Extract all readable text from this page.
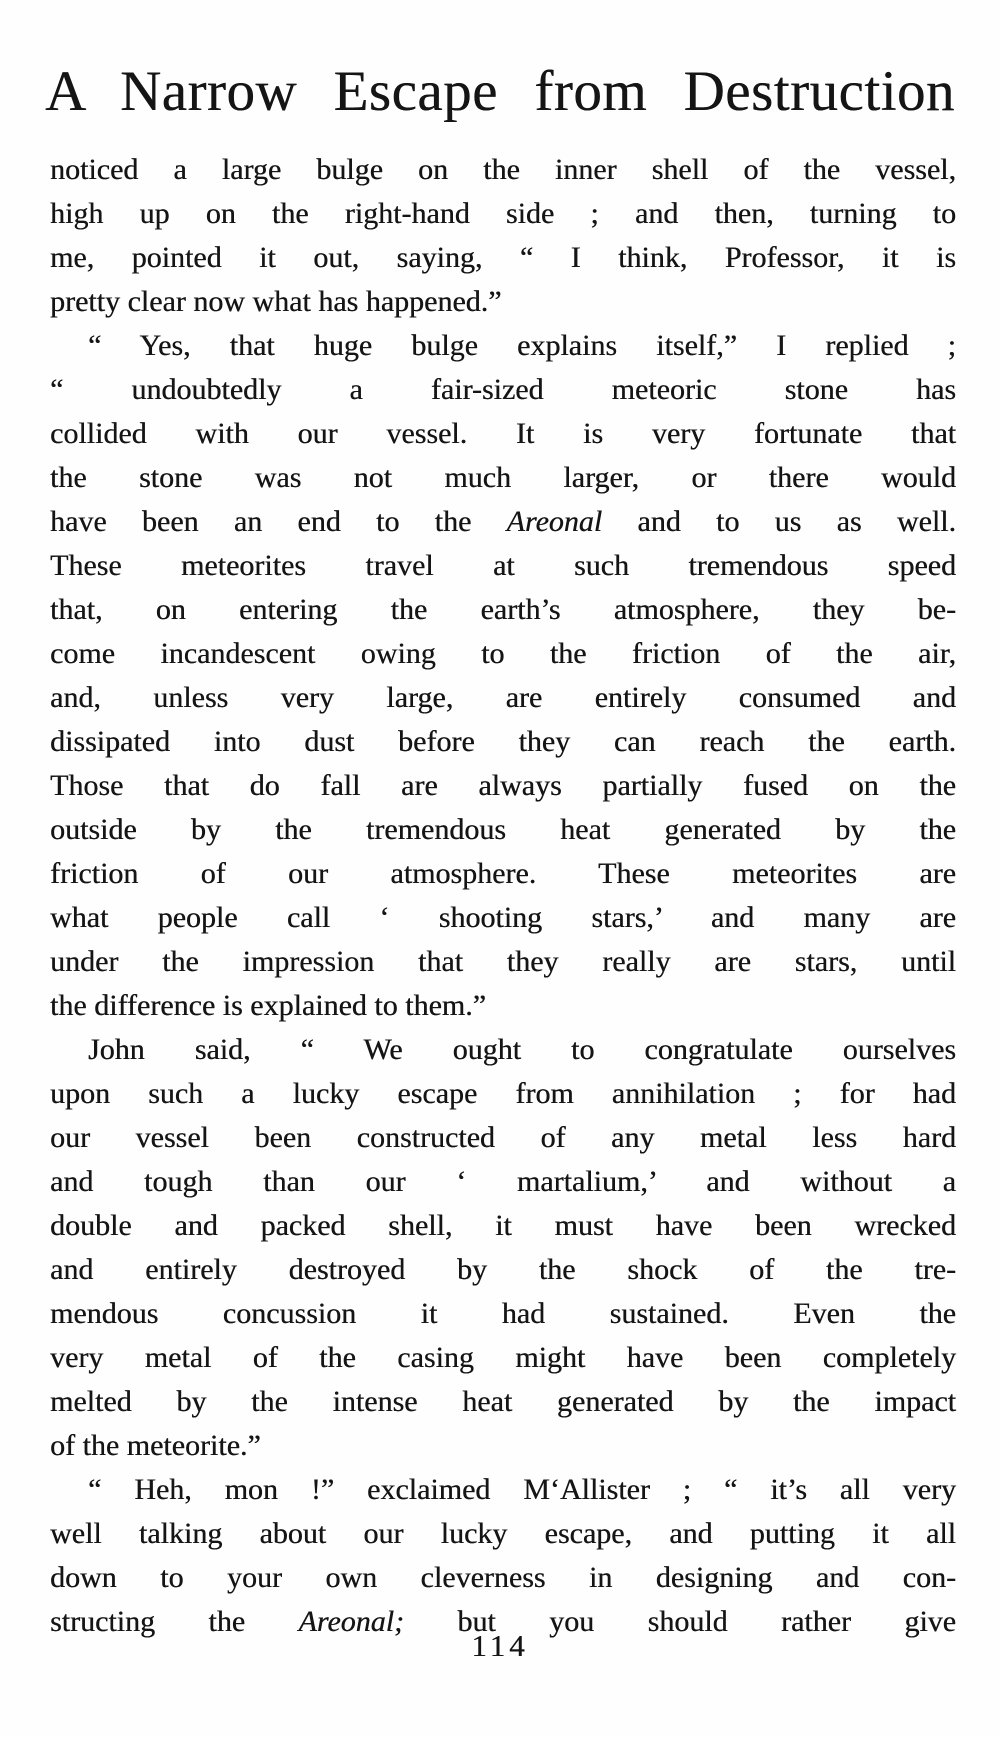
A Narrow Escape from Destruction
noticed a large bulge on the inner shell of the vessel,
high up on the right-hand side ; and then, turning to
me, pointed it out, saying, “ I think, Professor, it is
pretty clear now what has happened.”
“ Yes, that huge bulge explains itself,” I replied ;
“ undoubtedly a fair-sized meteoric stone has
collided with our vessel. It is very fortunate that
the stone was not much larger, or there would
have been an end to the Areonal and to us as well.
These meteorites travel at such tremendous speed
that, on entering the earth’s atmosphere, they be-
come incandescent owing to the friction of the air,
and, unless very large, are entirely consumed and
dissipated into dust before they can reach the earth.
Those that do fall are always partially fused on the
outside by the tremendous heat generated by the
friction of our atmosphere. These meteorites are
what people call ‘ shooting stars,’ and many are
under the impression that they really are stars, until
the difference is explained to them.”
John said, “ We ought to congratulate ourselves
upon such a lucky escape from annihilation ; for had
our vessel been constructed of any metal less hard
and tough than our ‘ martalium,’ and without a
double and packed shell, it must have been wrecked
and entirely destroyed by the shock of the tre-
mendous concussion it had sustained. Even the
very metal of the casing might have been completely
melted by the intense heat generated by the impact
of the meteorite.”
“ Heh, mon !” exclaimed M‘Allister ; “ it’s all very
well talking about our lucky escape, and putting it all
down to your own cleverness in designing and con-
structing the Areonal; but you should rather give
114
